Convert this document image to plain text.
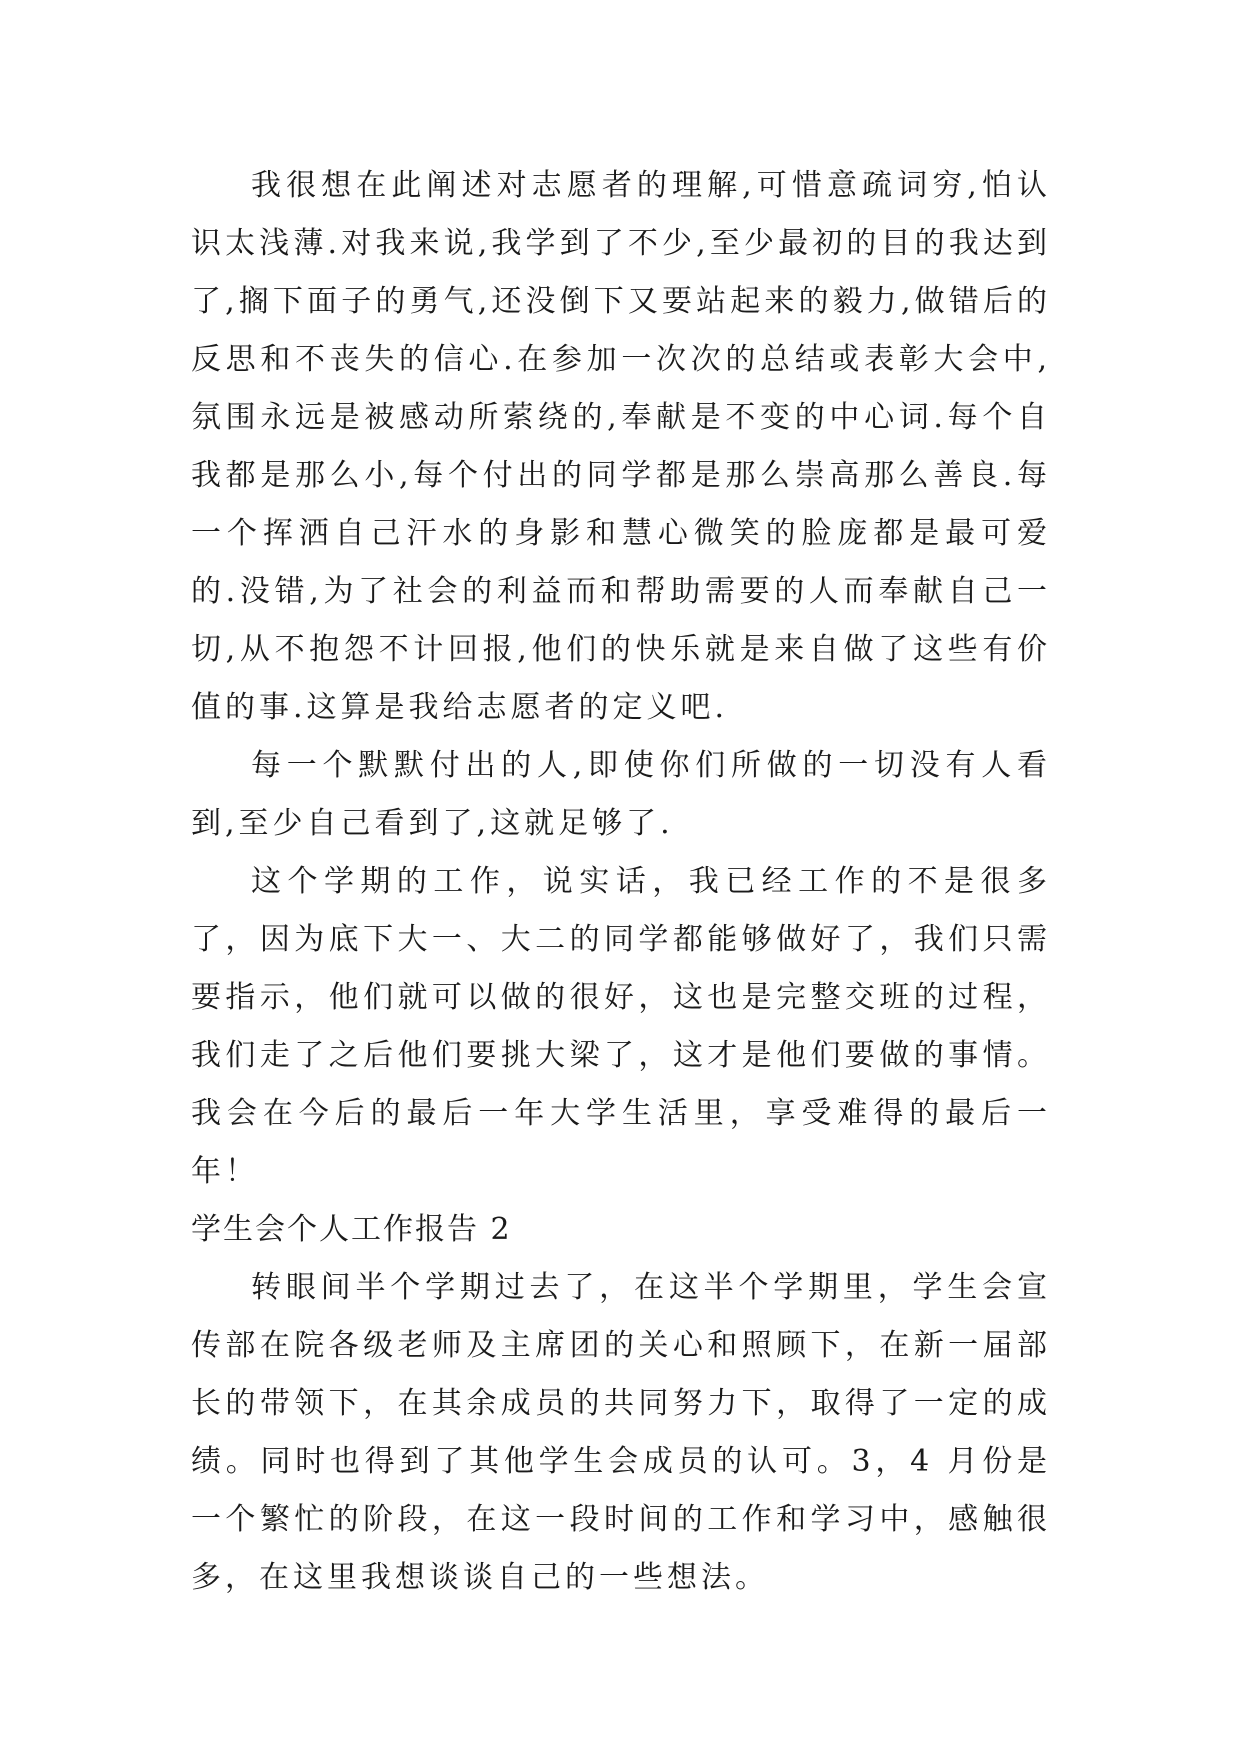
我很想在此阐述对志愿者的理解,可惜意疏词穷,怕认识太浅薄.对我来说,我学到了不少,至少最初的目的我达到了,搁下面子的勇气,还没倒下又要站起来的毅力,做错后的反思和不丧失的信心.在参加一次次的总结或表彰大会中,氛围永远是被感动所萦绕的,奉献是不变的中心词.每个自我都是那么小,每个付出的同学都是那么崇高那么善良.每一个挥洒自己汗水的身影和慧心微笑的脸庞都是最可爱的.没错,为了社会的利益而和帮助需要的人而奉献自己一切,从不抱怨不计回报,他们的快乐就是来自做了这些有价值的事.这算是我给志愿者的定义吧.

每一个默默付出的人,即使你们所做的一切没有人看到,至少自己看到了,这就足够了.

这个学期的工作，说实话，我已经工作的不是很多了，因为底下大一、大二的同学都能够做好了，我们只需要指示，他们就可以做的很好，这也是完整交班的过程，我们走了之后他们要挑大梁了，这才是他们要做的事情。我会在今后的最后一年大学生活里，享受难得的最后一年！

学生会个人工作报告 2

转眼间半个学期过去了，在这半个学期里，学生会宣传部在院各级老师及主席团的关心和照顾下，在新一届部长的带领下，在其余成员的共同努力下，取得了一定的成绩。同时也得到了其他学生会成员的认可。3，4 月份是一个繁忙的阶段，在这一段时间的工作和学习中，感触很多，在这里我想谈谈自己的一些想法。
